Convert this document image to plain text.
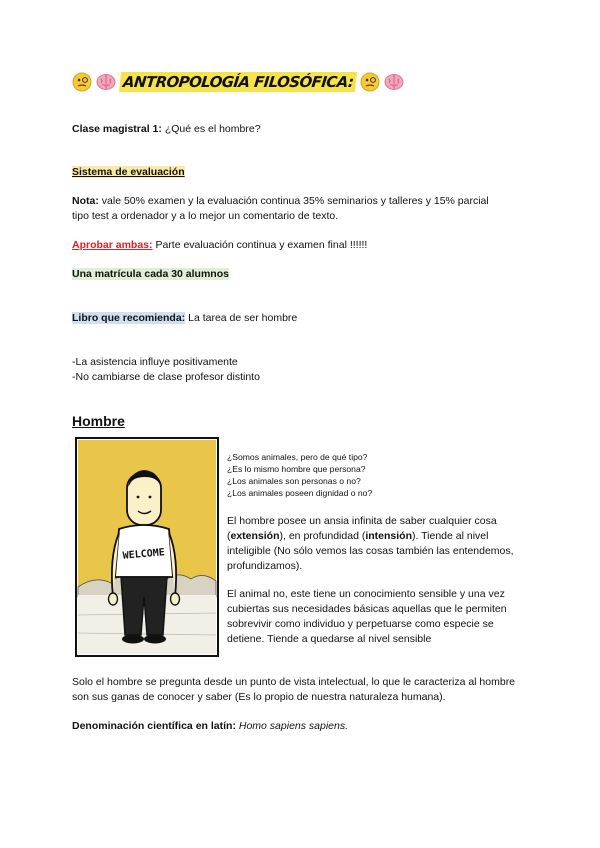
ANTROPOLOGÍA FILOSÓFICA:
Clase magistral 1: ¿Qué es el hombre?
Sistema de evaluación
Nota: vale 50% examen y la evaluación continua 35% seminarios y talleres y 15% parcial
tipo test a ordenador y a lo mejor un comentario de texto.
Aprobar ambas: Parte evaluación continua y examen final !!!!!!
Una matrícula cada 30 alumnos
Libro que recomienda: La tarea de ser hombre
-La asistencia influye positivamente
-No cambiarse de clase profesor distinto
Hombre
WELCOME
¿Somos animales, pero de qué tipo?
¿Es lo mismo hombre que persona?
¿Los animales son personas o no?
¿Los animales poseen dignidad o no?
El hombre posee un ansia infinita de saber cualquier cosa (extensión), en profundidad (intensión). Tiende al nivel inteligible (No sólo vemos las cosas también las entendemos, profundizamos).
El animal no, este tiene un conocimiento sensible y una vez cubiertas sus necesidades básicas aquellas que le permiten sobrevivir como individuo y perpetuarse como especie se detiene. Tiende a quedarse al nivel sensible
Solo el hombre se pregunta desde un punto de vista intelectual, lo que le caracteriza al hombre son sus ganas de conocer y saber (Es lo propio de nuestra naturaleza humana).
Denominación científica en latín: Homo sapiens sapiens.
